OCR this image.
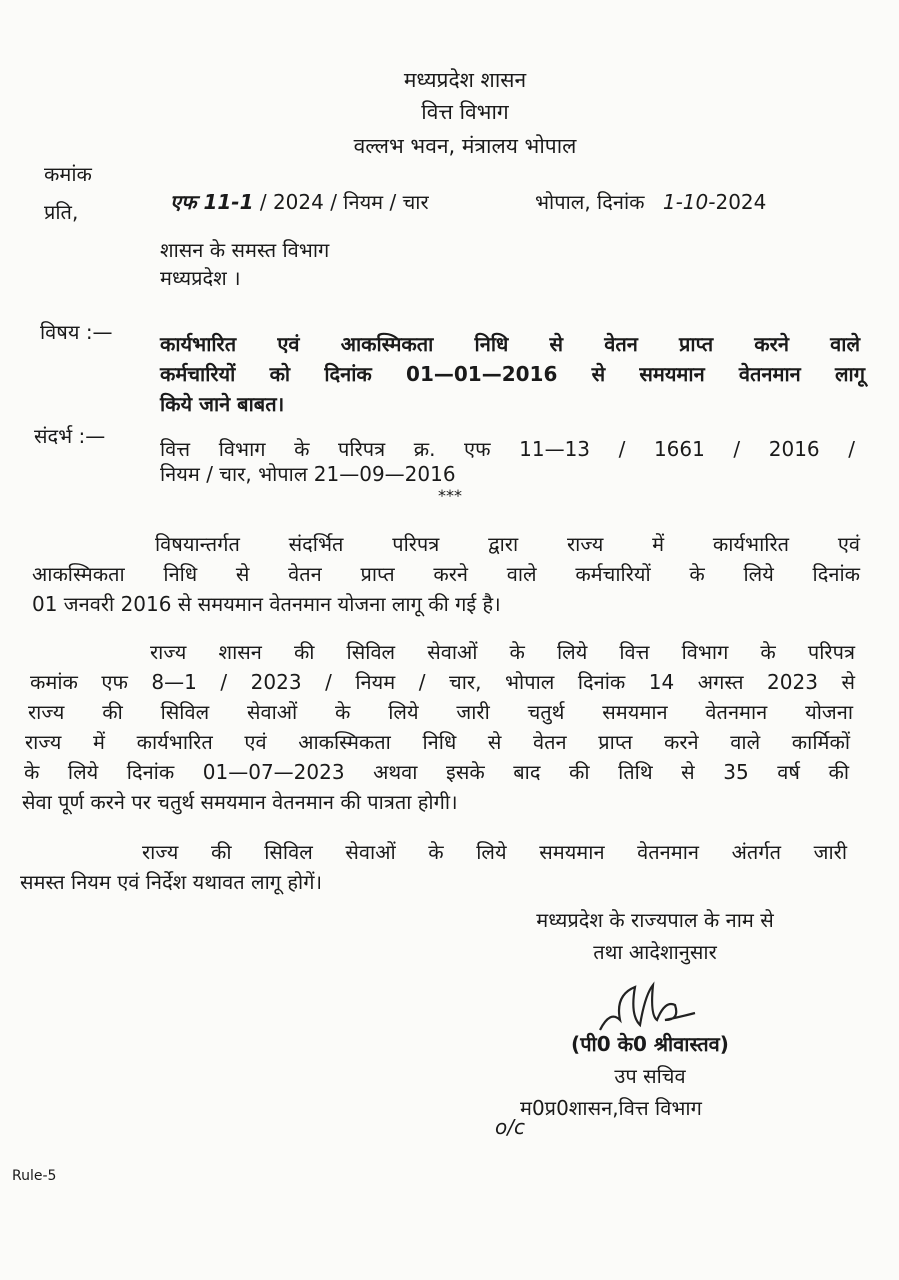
मध्यप्रदेश शासन
वित्त विभाग
वल्लभ भवन, मंत्रालय भोपाल
कमांक
एफ 11-1 / 2024 / नियम / चार	भोपाल, दिनांक 1-10-2024
प्रति,
शासन के समस्त विभाग
मध्यप्रदेश ।
विषय :— कार्यभारित एवं आकस्मिकता निधि से वेतन प्राप्त करने वाले
कर्मचारियों को दिनांक 01—01—2016 से समयमान वेतनमान लागू
किये जाने बाबत।
संदर्भ :—
वित्त विभाग के परिपत्र क्र. एफ 11—13 / 1661 / 2016 /
नियम / चार, भोपाल 21—09—2016
***
विषयान्तर्गत संदर्भित परिपत्र द्वारा राज्य में कार्यभारित एवं
आकस्मिकता निधि से वेतन प्राप्त करने वाले कर्मचारियों के लिये दिनांक
01 जनवरी 2016 से समयमान वेतनमान योजना लागू की गई है।
राज्य शासन की सिविल सेवाओं के लिये वित्त विभाग के परिपत्र
कमांक एफ 8—1 / 2023 / नियम / चार, भोपाल दिनांक 14 अगस्त 2023 से
राज्य की सिविल सेवाओं के लिये जारी चतुर्थ समयमान वेतनमान योजना
राज्य में कार्यभारित एवं आकस्मिकता निधि से वेतन प्राप्त करने वाले कार्मिकों
के लिये दिनांक 01—07—2023 अथवा इसके बाद की तिथि से 35 वर्ष की
सेवा पूर्ण करने पर चतुर्थ समयमान वेतनमान की पात्रता होगी।
राज्य की सिविल सेवाओं के लिये समयमान वेतनमान अंतर्गत जारी
समस्त नियम एवं निर्देश यथावत लागू होगें।
मध्यप्रदेश के राज्यपाल के नाम से
तथा आदेशानुसार
(पी0 के0 श्रीवास्तव)
उप सचिव
म0प्र0शासन,वित्त विभाग
o/c
Rule-5
